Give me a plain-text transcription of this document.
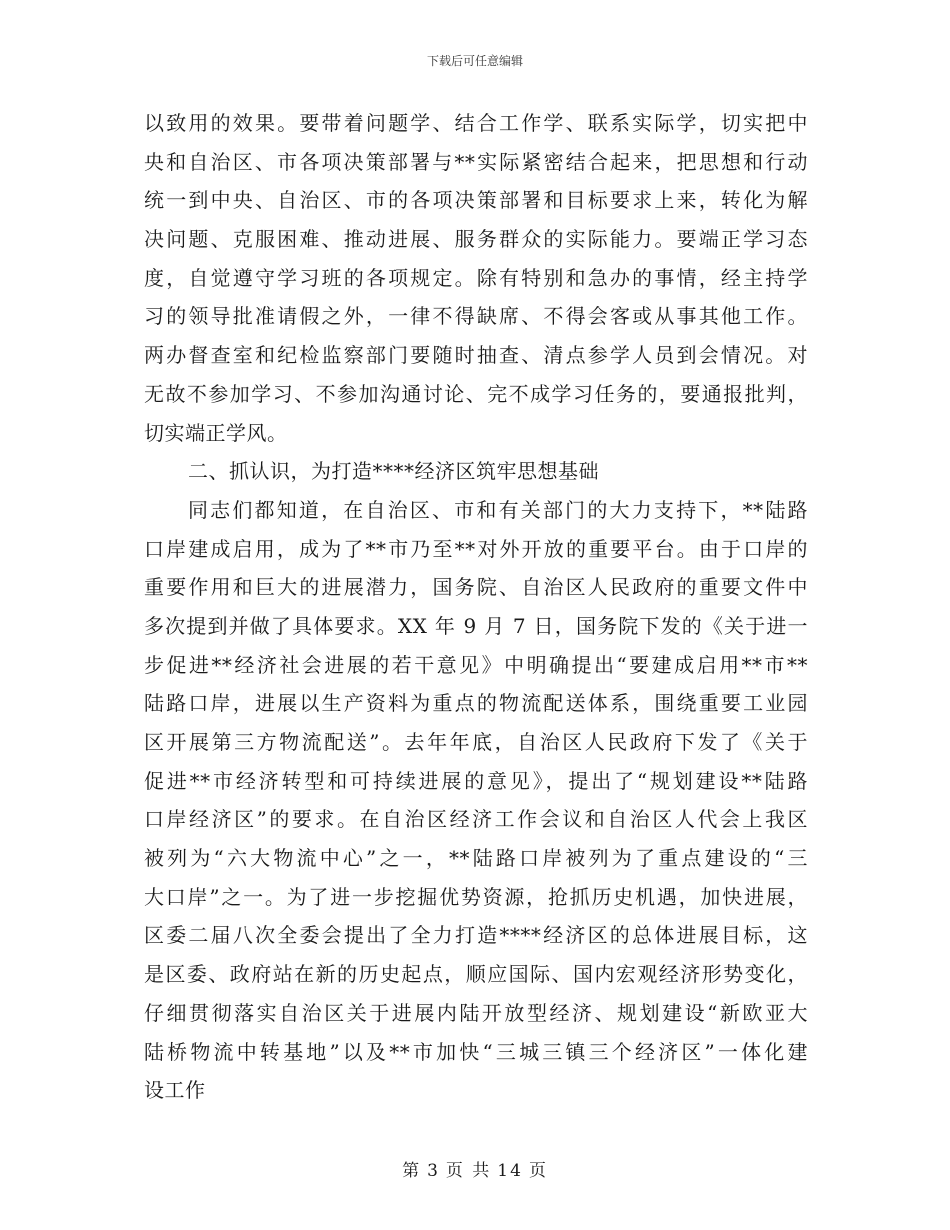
下载后可任意编辑
以致用的效果。要带着问题学、结合工作学、联系实际学，切实把中
央和自治区、市各项决策部署与**实际紧密结合起来，把思想和行动
统一到中央、自治区、市的各项决策部署和目标要求上来，转化为解
决问题、克服困难、推动进展、服务群众的实际能力。要端正学习态
度，自觉遵守学习班的各项规定。除有特别和急办的事情，经主持学
习的领导批准请假之外，一律不得缺席、不得会客或从事其他工作。
两办督查室和纪检监察部门要随时抽查、清点参学人员到会情况。对
无故不参加学习、不参加沟通讨论、完不成学习任务的，要通报批判，
切实端正学风。
二、抓认识，为打造****经济区筑牢思想基础
同志们都知道，在自治区、市和有关部门的大力支持下，**陆路
口岸建成启用，成为了**市乃至**对外开放的重要平台。由于口岸的
重要作用和巨大的进展潜力，国务院、自治区人民政府的重要文件中
多次提到并做了具体要求。XX 年 9 月 7 日，国务院下发的《关于进一
步促进**经济社会进展的若干意见》中明确提出“要建成启用**市**
陆路口岸，进展以生产资料为重点的物流配送体系，围绕重要工业园
区开展第三方物流配送”。去年年底，自治区人民政府下发了《关于
促进**市经济转型和可持续进展的意见》，提出了“规划建设**陆路
口岸经济区”的要求。在自治区经济工作会议和自治区人代会上我区
被列为“六大物流中心”之一，**陆路口岸被列为了重点建设的“三
大口岸”之一。为了进一步挖掘优势资源，抢抓历史机遇，加快进展，
区委二届八次全委会提出了全力打造****经济区的总体进展目标，这
是区委、政府站在新的历史起点，顺应国际、国内宏观经济形势变化，
仔细贯彻落实自治区关于进展内陆开放型经济、规划建设“新欧亚大
陆桥物流中转基地”以及**市加快“三城三镇三个经济区”一体化建
设工作
第 3 页 共 14 页
